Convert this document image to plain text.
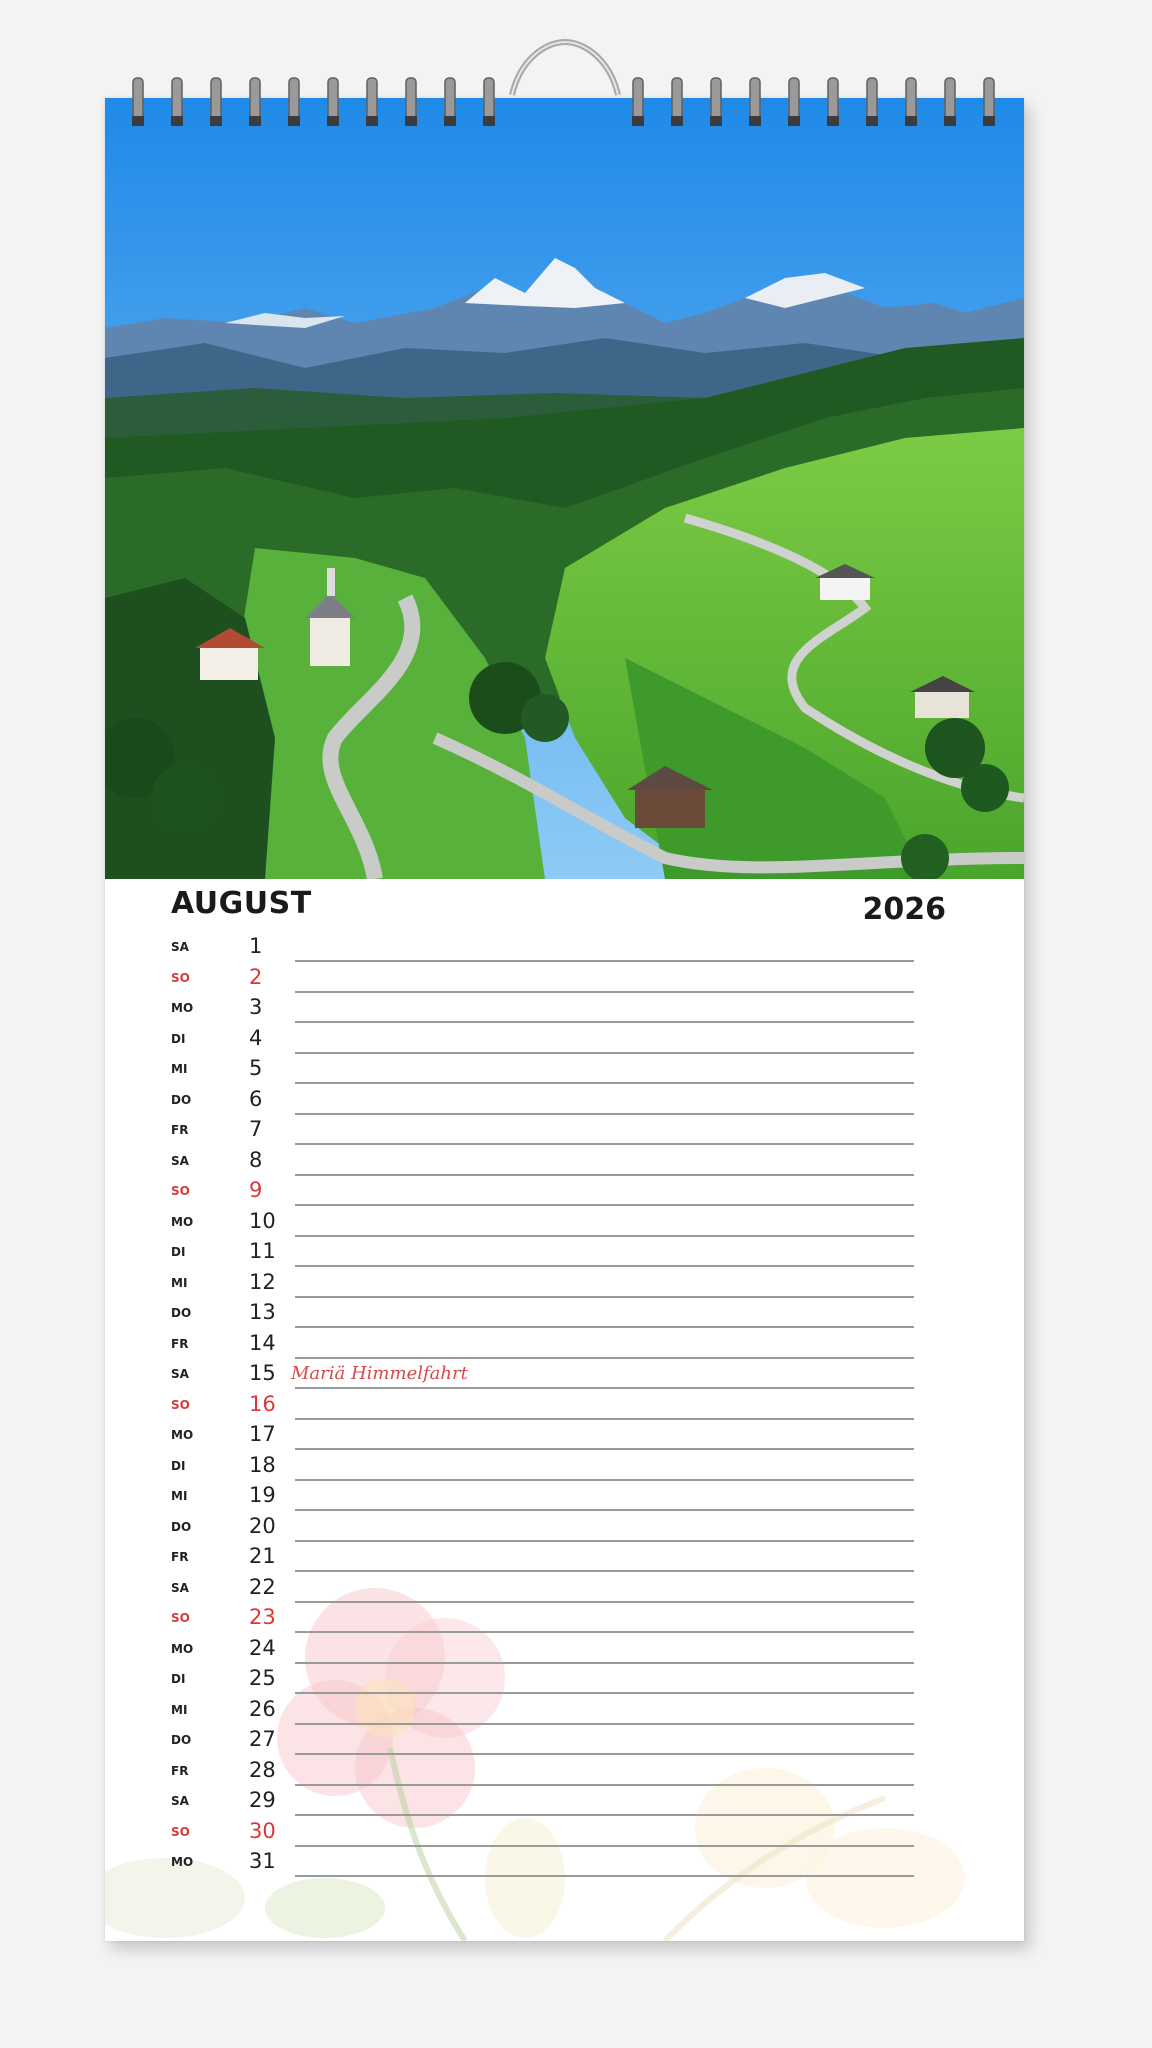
AUGUST	2026
SA	1
SO	2
MO	3
DI	4
MI	5
DO	6
FR	7
SA	8
SO	9
MO	10
DI	11
MI	12
DO	13
FR	14
SA	15 Mariä Himmelfahrt
SO	16
MO	17
DI	18
MI	19
DO	20
FR	21
SA	22
SO	23
MO	24
DI	25
MI	26
DO	27
FR	28
SA	29
SO	30
MO	31
